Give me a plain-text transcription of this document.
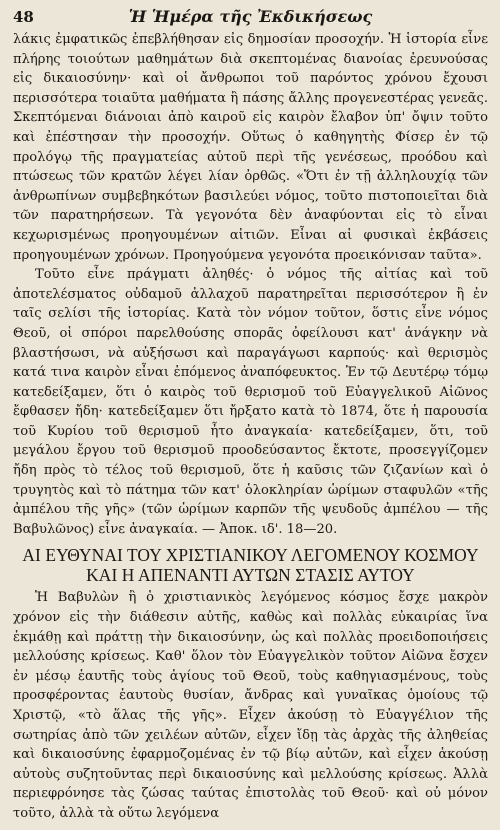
48	Ἡ Ἡμέρα τῆς Ἐκδικήσεως

λάκις ἐμφατικῶς ἐπεβλήθησαν εἰς δημοσίαν προσοχήν. Ἡ ἱστορία εἶνε πλήρης τοιούτων μαθημάτων διὰ σκεπτομένας διανοίας ἐρευνούσας εἰς δικαιοσύνην· καὶ οἱ ἄνθρωποι τοῦ παρόντος χρόνου ἔχουσι περισσότερα τοιαῦτα μαθήματα ἢ πάσης ἄλλης προγενεστέρας γενεᾶς. Σκεπτόμεναι διάνοιαι ἀπὸ καιροῦ εἰς καιρὸν ἔλαβον ὑπ' ὄψιν τοῦτο καὶ ἐπέστησαν τὴν προσοχήν. Οὕτως ὁ καθηγητὴς Φίσερ ἐν τῷ προλόγῳ τῆς πραγματείας αὐτοῦ περὶ τῆς γενέσεως, προόδου καὶ πτώσεως τῶν κρατῶν λέγει λίαν ὀρθῶς. «Ὅτι ἐν τῇ ἀλληλουχίᾳ τῶν ἀνθρωπίνων συμβεβηκότων βασιλεύει νόμος, τοῦτο πιστοποιεῖται διὰ τῶν παρατηρήσεων. Τὰ γεγονότα δὲν ἀναφύονται εἰς τὸ εἶναι κεχωρισμένως προηγουμένων αἰτιῶν. Εἶναι αἱ φυσικαὶ ἐκβάσεις προηγουμένων χρόνων. Προηγούμενα γεγονότα προεικόνισαν ταῦτα».

Τοῦτο εἶνε πράγματι ἀληθές· ὁ νόμος τῆς αἰτίας καὶ τοῦ ἀποτελέσματος οὐδαμοῦ ἀλλαχοῦ παρατηρεῖται περισσότερον ἢ ἐν ταῖς σελίσι τῆς ἱστορίας. Κατὰ τὸν νόμον τοῦτον, ὅστις εἶνε νόμος Θεοῦ, οἱ σπόροι παρελθούσης σπορᾶς ὀφείλουσι κατ' ἀνάγκην νὰ βλαστήσωσι, νὰ αὐξήσωσι καὶ παραγάγωσι καρπούς· καὶ θερισμὸς κατά τινα καιρὸν εἶναι ἐπόμενος ἀναπόφευκτος. Ἐν τῷ Δευτέρῳ τόμῳ κατεδείξαμεν, ὅτι ὁ καιρὸς τοῦ θερισμοῦ τοῦ Εὐαγγελικοῦ Αἰῶνος ἔφθασεν ἤδη· κατεδείξαμεν ὅτι ἤρξατο κατὰ τὸ 1874, ὅτε ἡ παρουσία τοῦ Κυρίου τοῦ θερισμοῦ ἦτο ἀναγκαία· κατεδείξαμεν, ὅτι, τοῦ μεγάλου ἔργου τοῦ θερισμοῦ προοδεύσαντος ἔκτοτε, προσεγγίζομεν ἤδη πρὸς τὸ τέλος τοῦ θερισμοῦ, ὅτε ἡ καῦσις τῶν ζιζανίων καὶ ὁ τρυγητὸς καὶ τὸ πάτημα τῶν κατ' ὁλοκληρίαν ὡρίμων σταφυλῶν «τῆς ἀμπέλου τῆς γῆς» (τῶν ὡρίμων καρπῶν τῆς ψευδοῦς ἀμπέλου — τῆς Βαβυλῶνος) εἶνε ἀναγκαία. — Ἀποκ. ιδ'. 18—20.

ΑΙ ΕΥΘΥΝΑΙ ΤΟΥ ΧΡΙΣΤΙΑΝΙΚΟΥ ΛΕΓΟΜΕΝΟΥ ΚΟΣΜΟΥ
ΚΑΙ Η ΑΠΕΝΑΝΤΙ ΑΥΤΩΝ ΣΤΑΣΙΣ ΑΥΤΟΥ

Ἡ Βαβυλὼν ἢ ὁ χριστιανικὸς λεγόμενος κόσμος ἔσχε μακρὸν χρόνον εἰς τὴν διάθεσιν αὐτῆς, καθὼς καὶ πολλὰς εὐκαιρίας ἵνα ἐκμάθῃ καὶ πράττῃ τὴν δικαιοσύνην, ὡς καὶ πολλὰς προειδοποιήσεις μελλούσης κρίσεως. Καθ' ὅλον τὸν Εὐαγγελικὸν τοῦτον Αἰῶνα ἔσχεν ἐν μέσῳ ἑαυτῆς τοὺς ἁγίους τοῦ Θεοῦ, τοὺς καθηγιασμένους, τοὺς προσφέροντας ἑαυτοὺς θυσίαν, ἄνδρας καὶ γυναῖκας ὁμοίους τῷ Χριστῷ, «τὸ ἅλας τῆς γῆς». Εἶχεν ἀκούσῃ τὸ Εὐαγγέλιον τῆς σωτηρίας ἀπὸ τῶν χειλέων αὐτῶν, εἶχεν ἴδῃ τὰς ἀρχὰς τῆς ἀληθείας καὶ δικαιοσύνης ἐφαρμοζομένας ἐν τῷ βίῳ αὐτῶν, καὶ εἶχεν ἀκούσῃ αὐτοὺς συζητοῦντας περὶ δικαιοσύνης καὶ μελλούσης κρίσεως. Ἀλλὰ περιεφρόνησε τὰς ζώσας ταύτας ἐπιστολὰς τοῦ Θεοῦ· καὶ οὐ μόνον τοῦτο, ἀλλὰ τὰ οὕτω λεγόμενα
